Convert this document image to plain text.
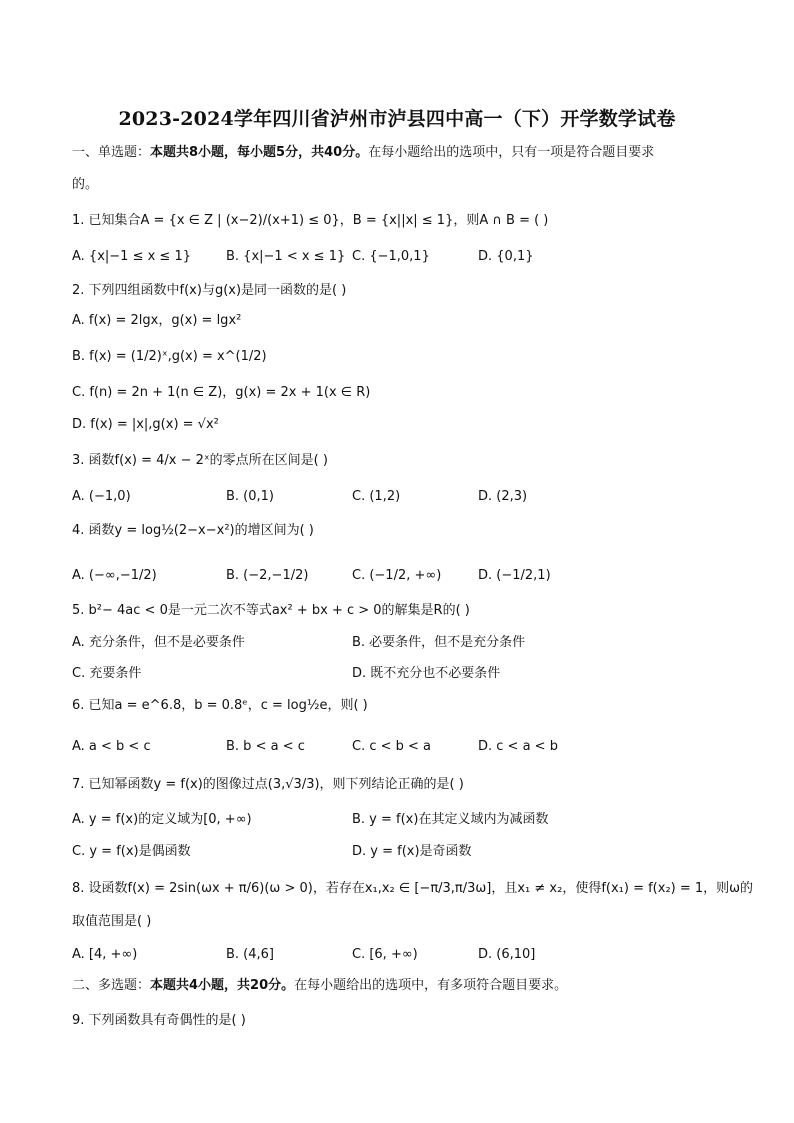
2023-2024学年四川省泸州市泸县四中高一（下）开学数学试卷
一、单选题：本题共8小题，每小题5分，共40分。在每小题给出的选项中，只有一项是符合题目要求
的。
1. 已知集合A = {x ∈ Z | (x−2)/(x+1) ≤ 0}，B = {x||x| ≤ 1}，则A ∩ B = ( )
A. {x|−1 ≤ x ≤ 1}	B. {x|−1 < x ≤ 1} C. {−1,0,1}	D. {0,1}
2. 下列四组函数中f(x)与g(x)是同一函数的是( )
A. f(x) = 2lgx，g(x) = lgx²
B. f(x) = (1/2)ˣ,g(x) = x^(1/2)
C. f(n) = 2n + 1(n ∈ Z)，g(x) = 2x + 1(x ∈ R)
D. f(x) = |x|,g(x) = √x²
3. 函数f(x) = 4/x − 2ˣ的零点所在区间是( )
A. (−1,0)	B. (0,1)	C. (1,2)	D. (2,3)
4. 函数y = log½(2−x−x²)的增区间为( )
A. (−∞,−1/2)	B. (−2,−1/2)	C. (−1/2, +∞)	D. (−1/2,1)
5. b²− 4ac < 0是一元二次不等式ax² + bx + c > 0的解集是R的( )
A. 充分条件，但不是必要条件	B. 必要条件，但不是充分条件
C. 充要条件	D. 既不充分也不必要条件
6. 已知a = e^6.8，b = 0.8ᵉ，c = log½e，则( )
A. a < b < c	B. b < a < c	C. c < b < a	D. c < a < b
7. 已知幂函数y = f(x)的图像过点(3,√3/3)，则下列结论正确的是( )
A. y = f(x)的定义域为[0, +∞)	B. y = f(x)在其定义域内为减函数
C. y = f(x)是偶函数	D. y = f(x)是奇函数
8. 设函数f(x) = 2sin(ωx + π/6)(ω > 0)，若存在x₁,x₂ ∈ [−π/3,π/3ω]，且x₁ ≠ x₂，使得f(x₁) = f(x₂) = 1，则ω的
取值范围是( )
A. [4, +∞)	B. (4,6]	C. [6, +∞)	D. (6,10]
二、多选题：本题共4小题，共20分。在每小题给出的选项中，有多项符合题目要求。
9. 下列函数具有奇偶性的是( )
